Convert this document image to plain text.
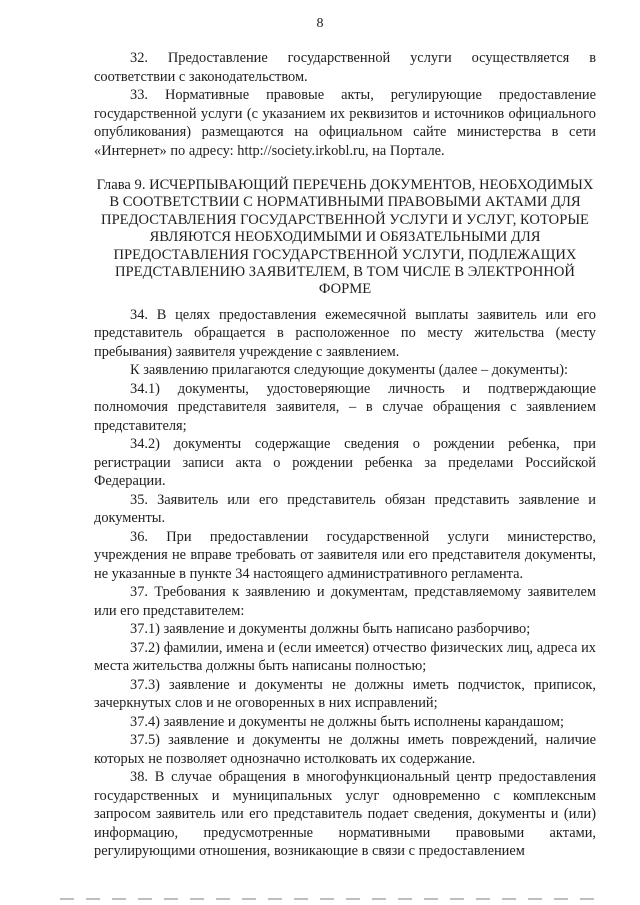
8

32. Предоставление государственной услуги осуществляется в соответствии с законодательством.

33. Нормативные правовые акты, регулирующие предоставление государственной услуги (с указанием их реквизитов и источников официального опубликования) размещаются на официальном сайте министерства в сети «Интернет» по адресу: http://society.irkobl.ru, на Портале.

Глава 9. ИСЧЕРПЫВАЮЩИЙ ПЕРЕЧЕНЬ ДОКУМЕНТОВ, НЕОБХОДИМЫХ В СООТВЕТСТВИИ С НОРМАТИВНЫМИ ПРАВОВЫМИ АКТАМИ ДЛЯ ПРЕДОСТАВЛЕНИЯ ГОСУДАРСТВЕННОЙ УСЛУГИ И УСЛУГ, КОТОРЫЕ ЯВЛЯЮТСЯ НЕОБХОДИМЫМИ И ОБЯЗАТЕЛЬНЫМИ ДЛЯ ПРЕДОСТАВЛЕНИЯ ГОСУДАРСТВЕННОЙ УСЛУГИ, ПОДЛЕЖАЩИХ ПРЕДСТАВЛЕНИЮ ЗАЯВИТЕЛЕМ, В ТОМ ЧИСЛЕ В ЭЛЕКТРОННОЙ ФОРМЕ

34. В целях предоставления ежемесячной выплаты заявитель или его представитель обращается в расположенное по месту жительства (месту пребывания) заявителя учреждение с заявлением.

К заявлению прилагаются следующие документы (далее – документы):

34.1) документы, удостоверяющие личность и подтверждающие полномочия представителя заявителя, – в случае обращения с заявлением представителя;

34.2) документы содержащие сведения о рождении ребенка, при регистрации записи акта о рождении ребенка за пределами Российской Федерации.

35. Заявитель или его представитель обязан представить заявление и документы.

36. При предоставлении государственной услуги министерство, учреждения не вправе требовать от заявителя или его представителя документы, не указанные в пункте 34 настоящего административного регламента.

37. Требования к заявлению и документам, представляемому заявителем или его представителем:

37.1) заявление и документы должны быть написано разборчиво;

37.2) фамилии, имена и (если имеется) отчество физических лиц, адреса их места жительства должны быть написаны полностью;

37.3) заявление и документы не должны иметь подчисток, приписок, зачеркнутых слов и не оговоренных в них исправлений;

37.4) заявление и документы не должны быть исполнены карандашом;

37.5) заявление и документы не должны иметь повреждений, наличие которых не позволяет однозначно истолковать их содержание.

38. В случае обращения в многофункциональный центр предоставления государственных и муниципальных услуг одновременно с комплексным запросом заявитель или его представитель подает сведения, документы и (или) информацию, предусмотренные нормативными правовыми актами, регулирующими отношения, возникающие в связи с предоставлением
